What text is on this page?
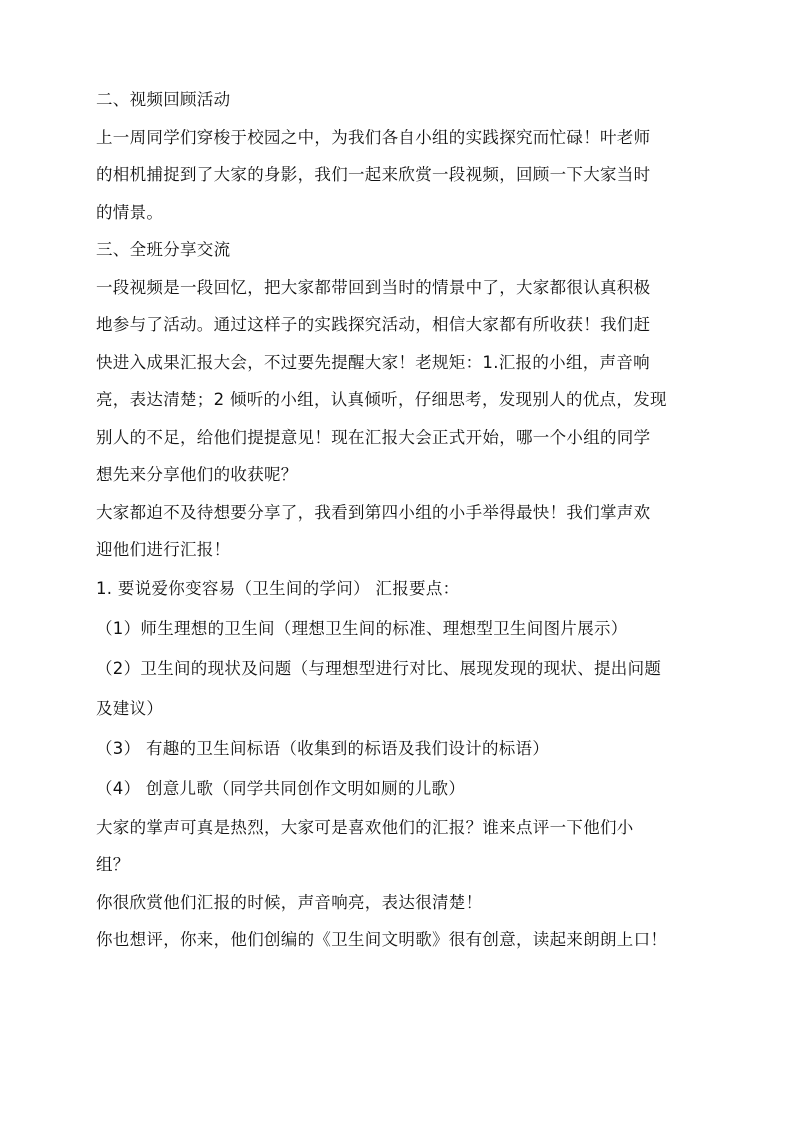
二、视频回顾活动
上一周同学们穿梭于校园之中，为我们各自小组的实践探究而忙碌！叶老师
的相机捕捉到了大家的身影，我们一起来欣赏一段视频，回顾一下大家当时
的情景。
三、全班分享交流
一段视频是一段回忆，把大家都带回到当时的情景中了，大家都很认真积极
地参与了活动。通过这样子的实践探究活动，相信大家都有所收获！我们赶
快进入成果汇报大会，不过要先提醒大家！老规矩：1.汇报的小组，声音响
亮，表达清楚；2 倾听的小组，认真倾听，仔细思考，发现别人的优点，发现
别人的不足，给他们提提意见！现在汇报大会正式开始，哪一个小组的同学
想先来分享他们的收获呢？
大家都迫不及待想要分享了，我看到第四小组的小手举得最快！我们掌声欢
迎他们进行汇报！
1. 要说爱你变容易（卫生间的学问） 汇报要点：
（1）师生理想的卫生间（理想卫生间的标准、理想型卫生间图片展示）
（2）卫生间的现状及问题（与理想型进行对比、展现发现的现状、提出问题
及建议）
（3） 有趣的卫生间标语（收集到的标语及我们设计的标语）
（4） 创意儿歌（同学共同创作文明如厕的儿歌）
大家的掌声可真是热烈，大家可是喜欢他们的汇报？谁来点评一下他们小
组？
你很欣赏他们汇报的时候，声音响亮，表达很清楚！
你也想评，你来，他们创编的《卫生间文明歌》很有创意，读起来朗朗上口！
